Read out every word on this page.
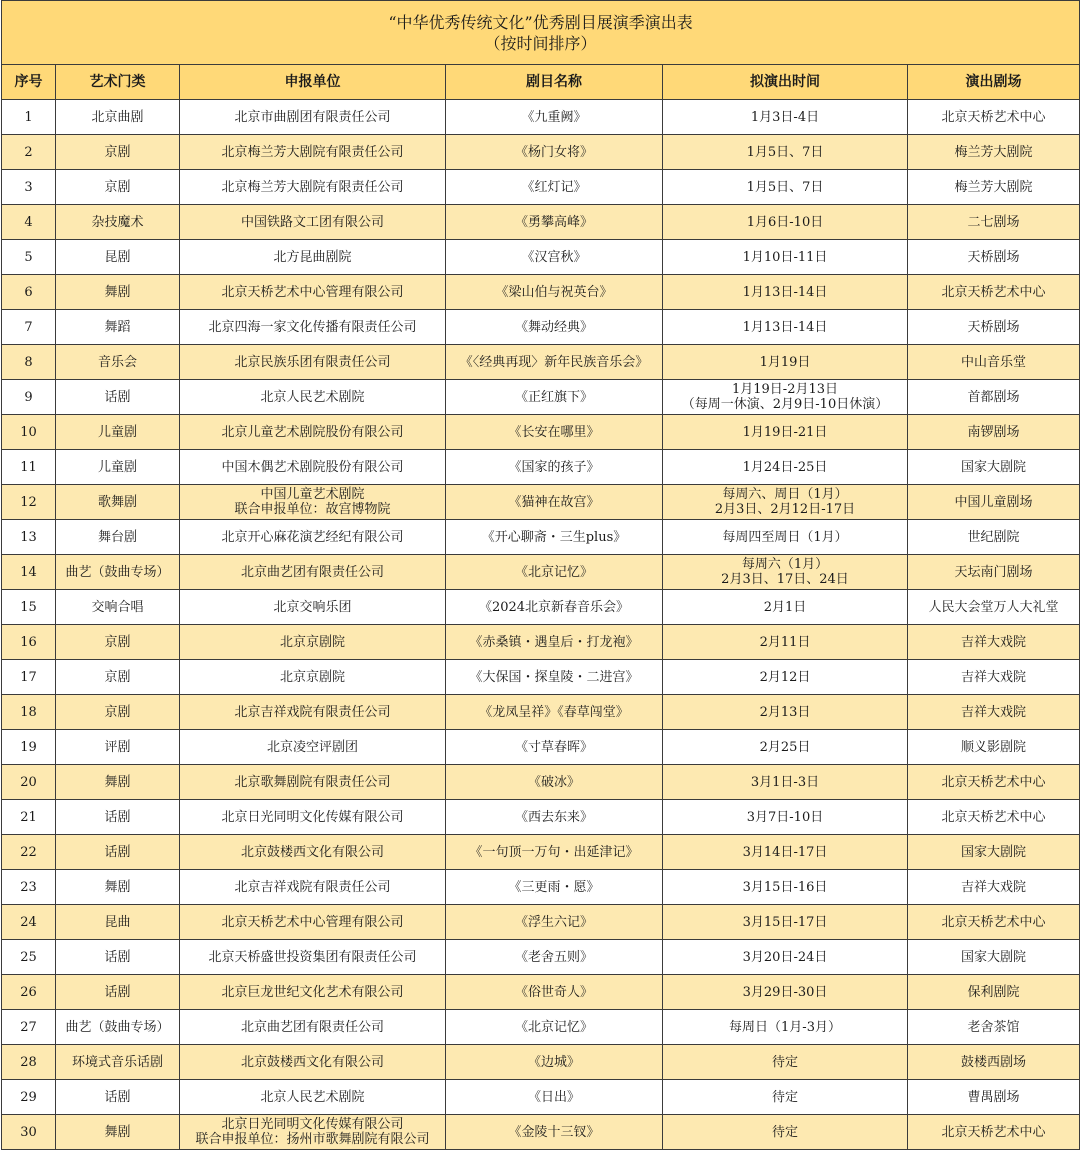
“中华优秀传统文化”优秀剧目展演季演出表
（按时间排序）					

序号	艺术门类	申报单位	剧目名称	拟演出时间	演出剧场
1	北京曲剧	北京市曲剧团有限责任公司	《九重阙》	1月3日-4日	北京天桥艺术中心
2	京剧	北京梅兰芳大剧院有限责任公司	《杨门女将》	1月5日、7日	梅兰芳大剧院
3	京剧	北京梅兰芳大剧院有限责任公司	《红灯记》	1月5日、7日	梅兰芳大剧院
4	杂技魔术	中国铁路文工团有限公司	《勇攀高峰》	1月6日-10日	二七剧场
5	昆剧	北方昆曲剧院	《汉宫秋》	1月10日-11日	天桥剧场
6	舞剧	北京天桥艺术中心管理有限公司	《梁山伯与祝英台》	1月13日-14日	北京天桥艺术中心
7	舞蹈	北京四海一家文化传播有限责任公司	《舞动经典》	1月13日-14日	天桥剧场
8	音乐会	北京民族乐团有限责任公司	《〈经典再现〉新年民族音乐会》	1月19日	中山音乐堂
9	话剧	北京人民艺术剧院	《正红旗下》	1月19日-2月13日
（每周一休演、2月9日-10日休演）	首都剧场
10	儿童剧	北京儿童艺术剧院股份有限公司	《长安在哪里》	1月19日-21日	南锣剧场
11	儿童剧	中国木偶艺术剧院股份有限公司	《国家的孩子》	1月24日-25日	国家大剧院
12	歌舞剧	中国儿童艺术剧院
联合申报单位：故宫博物院	《猫神在故宫》	每周六、周日（1月）
2月3日、2月12日-17日	中国儿童剧场
13	舞台剧	北京开心麻花演艺经纪有限公司	《开心聊斋・三生plus》	每周四至周日（1月）	世纪剧院
14	曲艺（鼓曲专场）	北京曲艺团有限责任公司	《北京记忆》	每周六（1月）
2月3日、17日、24日	天坛南门剧场
15	交响合唱	北京交响乐团	《2024北京新春音乐会》	2月1日	人民大会堂万人大礼堂
16	京剧	北京京剧院	《赤桑镇・遇皇后・打龙袍》	2月11日	吉祥大戏院
17	京剧	北京京剧院	《大保国・探皇陵・二进宫》	2月12日	吉祥大戏院
18	京剧	北京吉祥戏院有限责任公司	《龙凤呈祥》《春草闯堂》	2月13日	吉祥大戏院
19	评剧	北京凌空评剧团	《寸草春晖》	2月25日	顺义影剧院
20	舞剧	北京歌舞剧院有限责任公司	《破冰》	3月1日-3日	北京天桥艺术中心
21	话剧	北京日光同明文化传媒有限公司	《西去东来》	3月7日-10日	北京天桥艺术中心
22	话剧	北京鼓楼西文化有限公司	《一句顶一万句・出延津记》	3月14日-17日	国家大剧院
23	舞剧	北京吉祥戏院有限责任公司	《三更雨・愿》	3月15日-16日	吉祥大戏院
24	昆曲	北京天桥艺术中心管理有限公司	《浮生六记》	3月15日-17日	北京天桥艺术中心
25	话剧	北京天桥盛世投资集团有限责任公司	《老舍五则》	3月20日-24日	国家大剧院
26	话剧	北京巨龙世纪文化艺术有限公司	《俗世奇人》	3月29日-30日	保利剧院
27	曲艺（鼓曲专场）	北京曲艺团有限责任公司	《北京记忆》	每周日（1月-3月）	老舍茶馆
28	环境式音乐话剧	北京鼓楼西文化有限公司	《边城》	待定	鼓楼西剧场
29	话剧	北京人民艺术剧院	《日出》	待定	曹禺剧场
30	舞剧	北京日光同明文化传媒有限公司
联合申报单位：扬州市歌舞剧院有限公司	《金陵十三钗》	待定	北京天桥艺术中心
